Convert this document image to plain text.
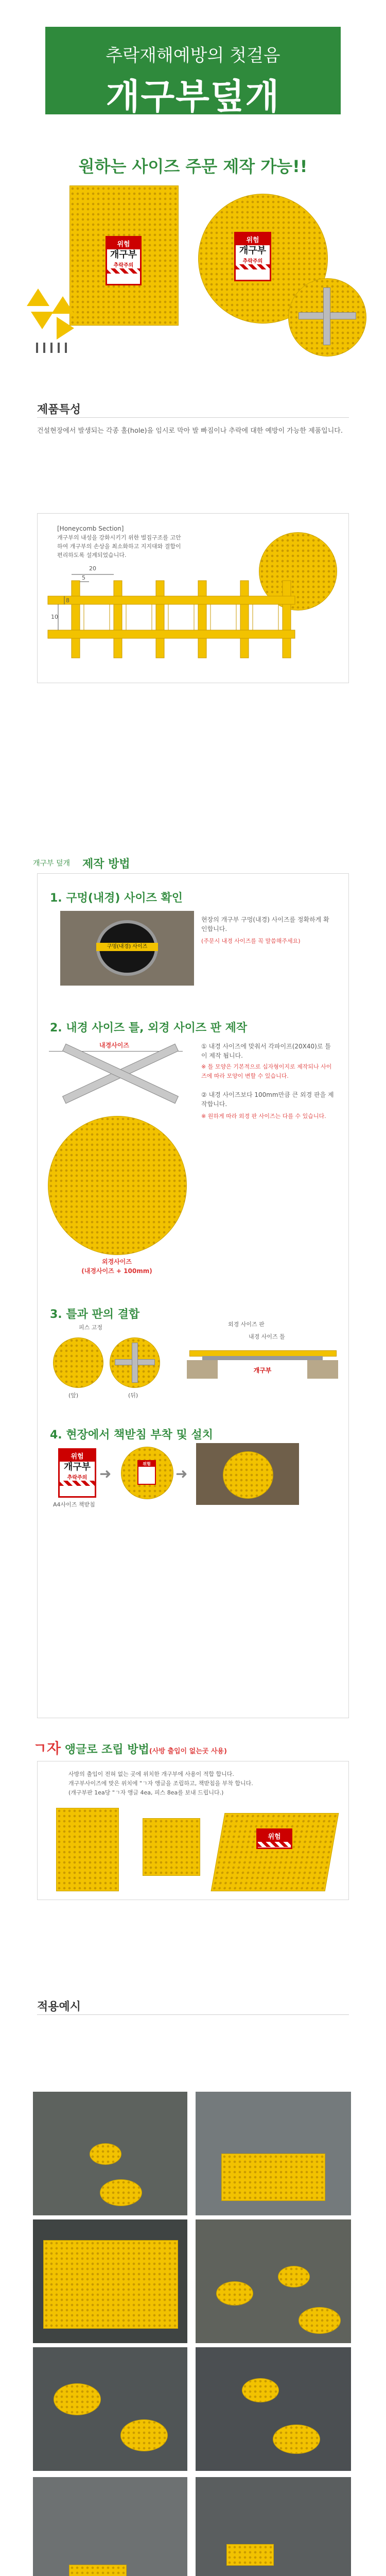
추락재해예방의 첫걸음
개구부덮개
원하는 사이즈 주문 제작 가능!!
위험
개구부
추락주의
위험
개구부
추락주의
제품특성
건설현장에서 발생되는 각종 홀(hole)을 임시로 막아 발 빠짐이나 추락에 대한 예방이 가능한 제품입니다.
[Honeycomb Section]
개구부의 내성을 강화시키기 위한 벌집구조를 고안하여 개구부의 손상을 최소화하고 지지대와 결합이 편리하도록 설계되었습니다.
20
5
8
10
개구부 덮개 제작 방법
1. 구멍(내경) 사이즈 확인
구멍(내경) 사이즈
현장의 개구부 구멍(내경) 사이즈를 정확하게 확인합니다.
(주문시 내경 사이즈를 꼭 말씀해주세요)
2. 내경 사이즈 틀, 외경 사이즈 판 제작
내경사이즈	① 내경 사이즈에 맞춰서 각파이프(20X40)로 틀이 제작 됩니다.
※ 틀 모양은 기본적으로 십자형이지로 제작되나 사이즈에 따라 모양이 변할 수 있습니다.
② 내경 사이즈보다 100mm만큼 큰 외경 판을 제작합니다.
※ 원하게 따라 외경 판 사이즈는 다를 수 있습니다.
외경사이즈
(내경사이즈 + 100mm)
3. 틀과 판의 결합
피스 고정
(앞)	(뒤)
외경 사이즈 판
내경 사이즈 틀
개구부
4. 현장에서 책받침 부착 및 설치
위험
개구부
추락주의
A4사이즈 책받침
➜
위험
➜
ㄱ자 앵글로 조립 방법(사방 출입이 없는곳 사용)
사방의 출입이 전혀 없는 곳에 위치한 개구부에 사용이 적합 합니다.
개구부사이즈에 맞은 위치에 "ㄱ자 앵글을 조립하고, 책받침을 부착 합니다.
(개구부판 1ea당 "ㄱ자 앵글 4ea, 피스 8ea를 보내 드립니다.)
위험
적용예시
